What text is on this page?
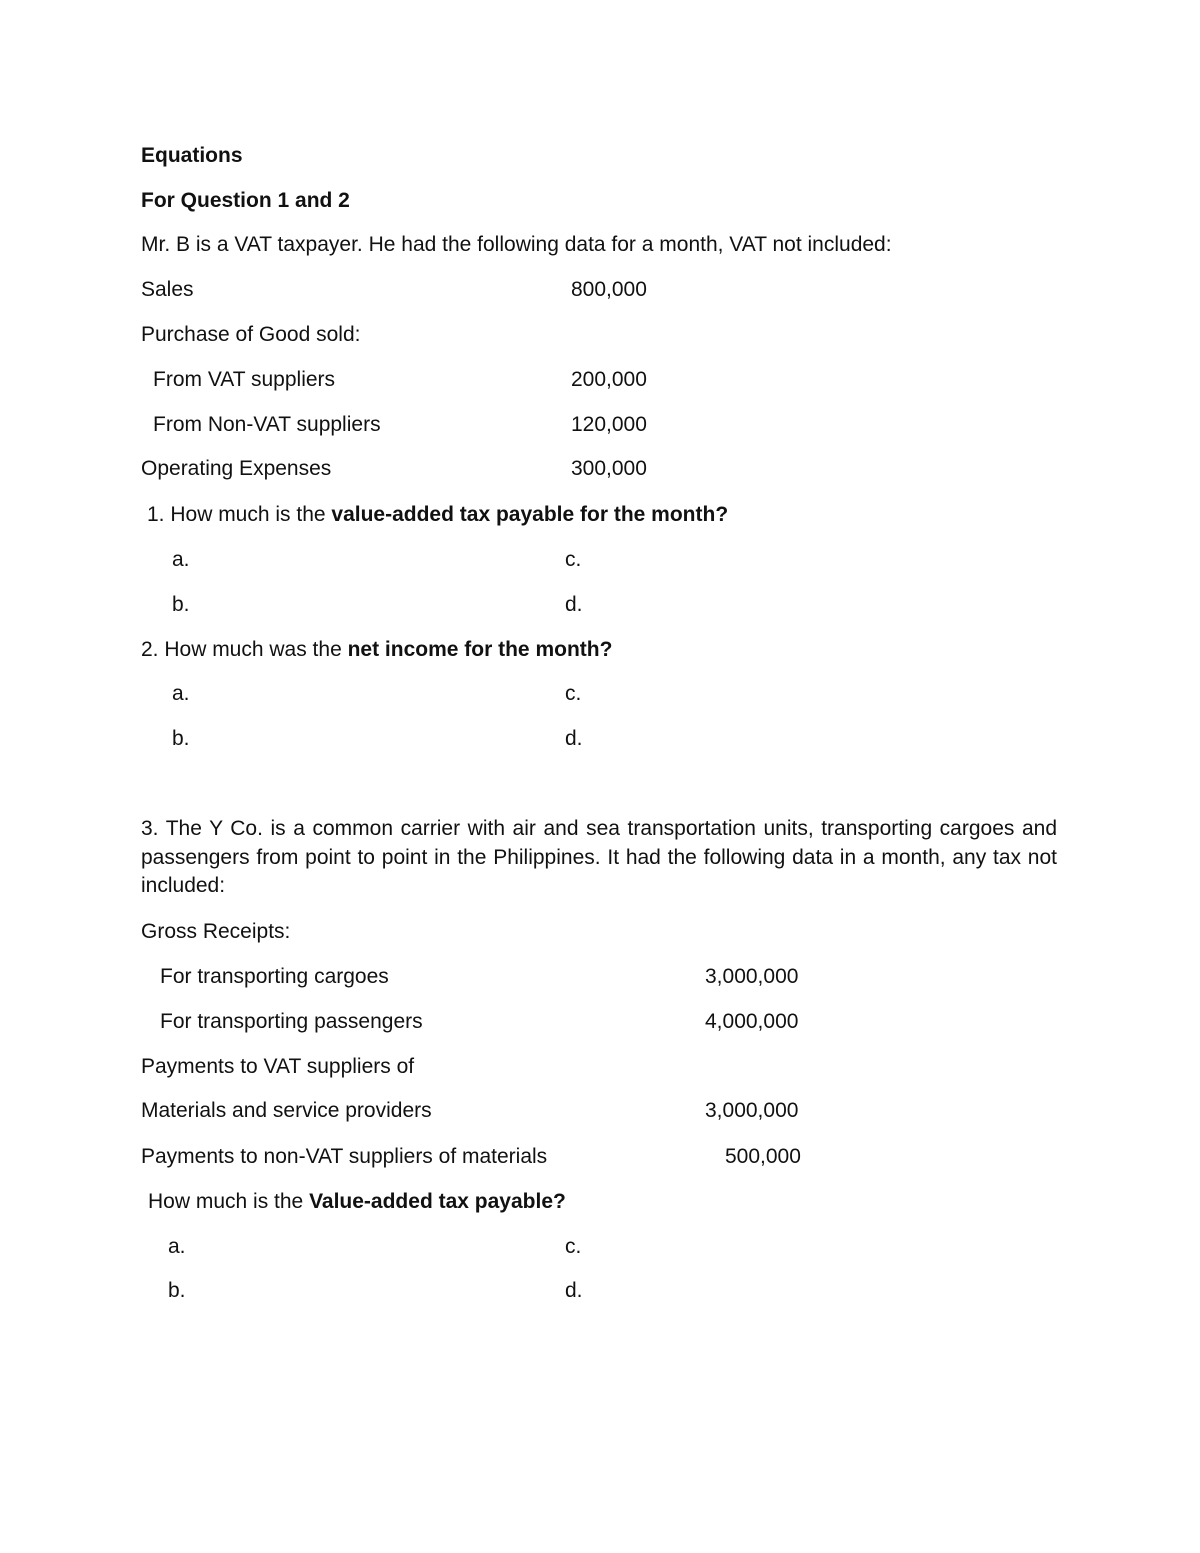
Equations
For Question 1 and 2
Mr. B is a VAT taxpayer. He had the following data for a month, VAT not included:
Sales	800,000
Purchase of Good sold:
From VAT suppliers	200,000
From Non-VAT suppliers	120,000
Operating Expenses	300,000
1. How much is the value-added tax payable for the month?
a.	c.
b.	d.
2. How much was the net income for the month?
a.	c.
b.	d.
3. The Y Co. is a common carrier with air and sea transportation units, transporting cargoes and passengers from point to point in the Philippines. It had the following data in a month, any tax not included:
Gross Receipts:
For transporting cargoes	3,000,000
For transporting passengers	4,000,000
Payments to VAT suppliers of
Materials and service providers	3,000,000
Payments to non-VAT suppliers of materials	500,000
How much is the Value-added tax payable?
a.	c.
b.	d.
